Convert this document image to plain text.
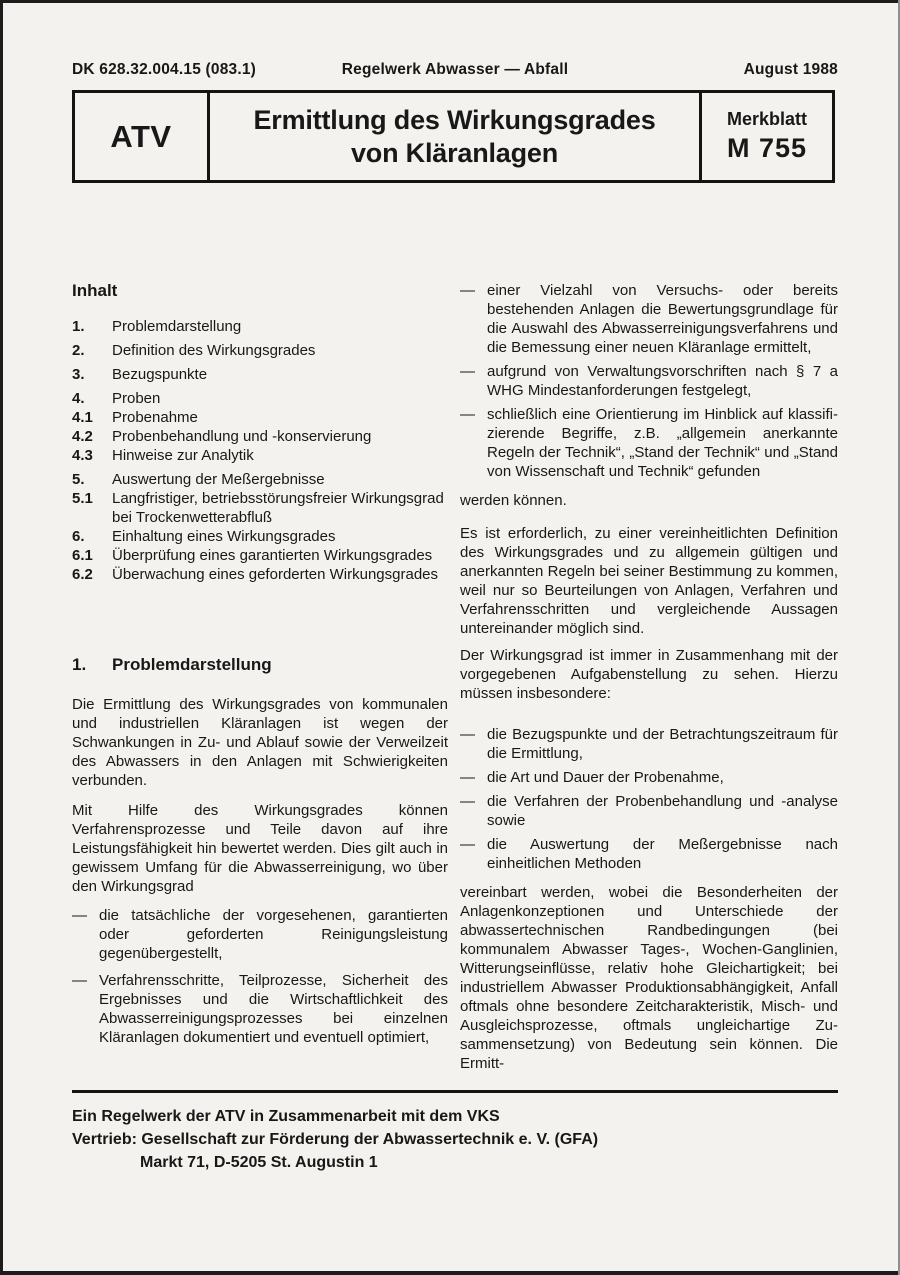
DK 628.32.004.15 (083.1)	Regelwerk Abwasser — Abfall	August 1988
ATV	Ermittlung des Wirkungsgrades
von Kläranlagen
Merkblatt
M 755
Inhalt
1.	Problemdarstellung
2.	Definition des Wirkungsgrades
3.	Bezugspunkte
4.	Proben
4.1	Probenahme
4.2	Probenbehandlung und -konservierung
4.3	Hinweise zur Analytik
5.	Auswertung der Meßergebnisse
5.1	Langfristiger, betriebsstörungsfreier Wirkungsgrad bei Trockenwetterabfluß
6.	Einhaltung eines Wirkungsgrades
6.1	Überprüfung eines garantierten Wirkungsgrades
6.2	Überwachung eines geforderten Wirkungsgrades
1.	Problemdarstellung

Die Ermittlung des Wirkungsgrades von kommunalen und industriellen Kläranlagen ist wegen der Schwankungen in Zu- und Ablauf sowie der Verweilzeit des Abwassers in den Anlagen mit Schwierigkeiten verbunden.

Mit Hilfe des Wirkungsgrades können Verfahrensprozesse und Teile davon auf ihre Leistungsfähigkeit hin bewertet werden. Dies gilt auch in gewissem Umfang für die Abwasserreinigung, wo über den Wirkungsgrad

— die tatsächliche der vorgesehenen, garantierten oder geforderten Reinigungsleistung gegenübergestellt,
— Verfahrensschritte, Teilprozesse, Sicherheit des Ergebnisses und die Wirtschaftlichkeit des Abwasserreinigungsprozesses bei einzelnen Kläranlagen dokumentiert und eventuell optimiert,
— einer Vielzahl von Versuchs- oder bereits bestehenden Anlagen die Bewertungsgrundlage für die Auswahl des Abwasserreinigungsverfahrens und die Bemessung einer neuen Kläranlage ermittelt,
— aufgrund von Verwaltungsvorschriften nach § 7 a WHG Mindestanforderungen festgelegt,
— schließlich eine Orientierung im Hinblick auf klassifizierende Begriffe, z.B. „allgemein anerkannte Regeln der Technik“, „Stand der Technik“ und „Stand von Wissenschaft und Technik“ gefunden

werden können.

Es ist erforderlich, zu einer vereinheitlichten Definition des Wirkungsgrades und zu allgemein gültigen und anerkannten Regeln bei seiner Bestimmung zu kommen, weil nur so Beurteilungen von Anlagen, Verfahren und Verfahrensschritten und vergleichende Aussagen untereinander möglich sind.

Der Wirkungsgrad ist immer in Zusammenhang mit der vorgegebenen Aufgabenstellung zu sehen. Hierzu müssen insbesondere:

— die Bezugspunkte und der Betrachtungszeitraum für die Ermittlung,
— die Art und Dauer der Probenahme,
— die Verfahren der Probenbehandlung und -analyse sowie
— die Auswertung der Meßergebnisse nach einheitlichen Methoden

vereinbart werden, wobei die Besonderheiten der Anlagenkonzeptionen und Unterschiede der abwassertechnischen Randbedingungen (bei kommunalem Abwasser Tages-, Wochen-Ganglinien, Witterungseinflüsse, relativ hohe Gleichartigkeit; bei industriellem Abwasser Produktionsabhängigkeit, Anfall oftmals ohne besondere Zeitcharakteristik, Misch- und Ausgleichsprozesse, oftmals ungleichartige Zusammensetzung) von Bedeutung sein können. Die Ermitt-

Ein Regelwerk der ATV in Zusammenarbeit mit dem VKS
Vertrieb: Gesellschaft zur Förderung der Abwassertechnik e. V. (GFA)
Markt 71, D-5205 St. Augustin 1
